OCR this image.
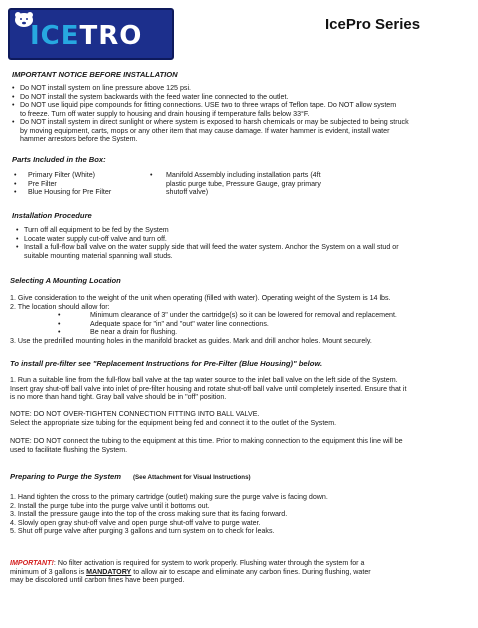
ICETRO	IcePro Series
IMPORTANT NOTICE BEFORE INSTALLATION
• Do NOT install system on line pressure above 125 psi.
• Do NOT install the system backwards with the feed water line connected to the outlet.
• Do NOT use liquid pipe compounds for fitting connections. USE two to three wraps of Teflon tape. Do NOT allow system
to freeze. Turn off water supply to housing and drain housing if temperature falls below 33°F.
• Do NOT install system in direct sunlight or where system is exposed to harsh chemicals or may be subjected to being struck
by moving equipment, carts, mops or any other item that may cause damage. If water hammer is evident, install water
hammer arrestors before the System.
Parts Included in the Box:
• Primary Filter (White)
• Pre Filter
• Blue Housing for Pre Filter
• Manifold Assembly including installation parts (4ft
plastic purge tube, Pressure Gauge, gray primary
shutoff valve)
Installation Procedure
• Turn off all equipment to be fed by the System
• Locate water supply cut-off valve and turn off.
• Install a full-flow ball valve on the water supply side that will feed the water system. Anchor the System on a wall stud or
suitable mounting material spanning wall studs.
Selecting A Mounting Location
1. Give consideration to the weight of the unit when operating (filled with water). Operating weight of the System is 14 lbs.
2. The location should allow for:
•	Minimum clearance of 3" under the cartridge(s) so it can be lowered for removal and replacement.
•	Adequate space for "in" and "out" water line connections.
•	Be near a drain for flushing.
3. Use the predrilled mounting holes in the manifold bracket as guides. Mark and drill anchor holes. Mount securely.
To install pre-filter see "Replacement Instructions for Pre-Filter (Blue Housing)" below.
1. Run a suitable line from the full-flow ball valve at the tap water source to the inlet ball valve on the left side of the System.
Insert gray shut-off ball valve into inlet of pre-filter housing and rotate shut-off ball valve until completely inserted. Ensure that it
is no more than hand tight. Gray ball valve should be in "off" position.
NOTE: DO NOT OVER-TIGHTEN CONNECTION FITTING INTO BALL VALVE.
Select the appropriate size tubing for the equipment being fed and connect it to the outlet of the System.
NOTE: DO NOT connect the tubing to the equipment at this time. Prior to making connection to the equipment this line will be
used to facilitate flushing the System.
Preparing to Purge the System (See Attachment for Visual Instructions)
1. Hand tighten the cross to the primary cartridge (outlet) making sure the purge valve is facing down.
2. Install the purge tube into the purge valve until it bottoms out.
3. Install the pressure gauge into the top of the cross making sure that its facing forward.
4. Slowly open gray shut-off valve and open purge shut-off valve to purge water.
5. Shut off purge valve after purging 3 gallons and turn system on to check for leaks.
IMPORTANT!: No filter activation is required for system to work properly. Flushing water through the system for a
minimum of 3 gallons is MANDATORY to allow air to escape and eliminate any carbon fines. During flushing, water
may be discolored until carbon fines have been purged.
